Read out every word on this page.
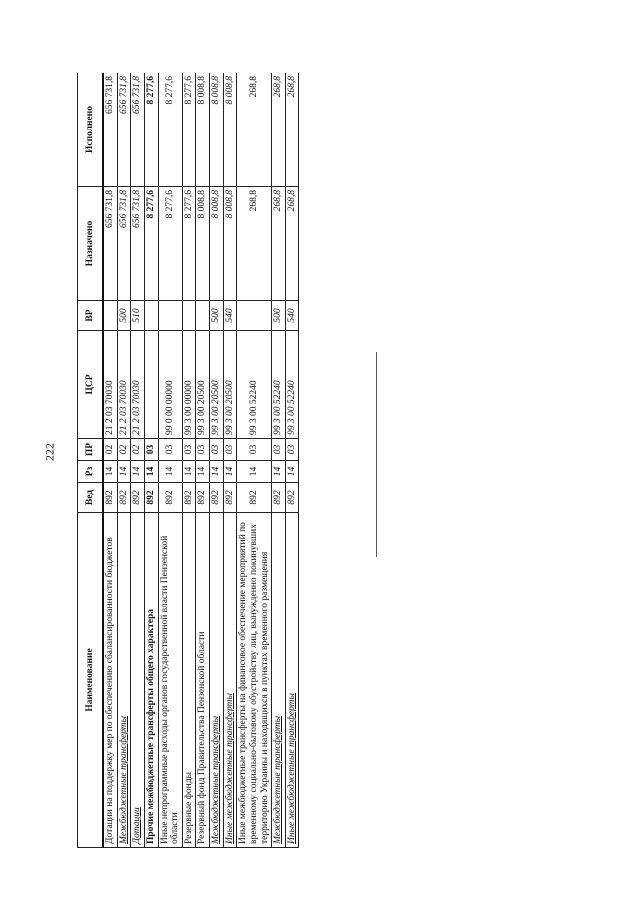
222
Наименование	Вед	Рз	ПР	ЦСР	ВР	Назначено	Исполнено
Дотации на поддержку мер по обеспечению сбалансированности бюджетов	892	14	02	21 2 03 70030		656 731,8	656 731,8
Межбюджетные трансферты	892	14	02	21 2 03 70030	500	656 731,8	656 731,8
Дотации	892	14	02	21 2 03 70030	510	656 731,8	656 731,8
Прочие межбюджетные трансферты общего характера	892	14	03			8 277,6	8 277,6
Иные непрограммные расходы органов государственной власти Пензенской области	892	14	03	99 0 00 00000		8 277,6	8 277,6
Резервные фонды	892	14	03	99 3 00 00000		8 277,6	8 277,6
Резервный фонд Правительства Пензенской области	892	14	03	99 3 00 20500		8 008,8	8 008,8
Межбюджетные трансферты	892	14	03	99 3 00 20500	500	8 008,8	8 008,8
Иные межбюджетные трансферты	892	14	03	99 3 00 20500	540	8 008,8	8 008,8
Иные межбюджетные трансферты на финансовое обеспечение мероприятий по временному социально-бытовому обустройству лиц, вынужденно покинувших территорию Украины и находящихся в пунктах временного размещения	892	14	03	99 3 00 52240		268,8	268,8
Межбюджетные трансферты	892	14	03	99 3 00 52240	500	268,8	268,8
Иные межбюджетные трансферты	892	14	03	99 3 00 52240	540	268,8	268,8
